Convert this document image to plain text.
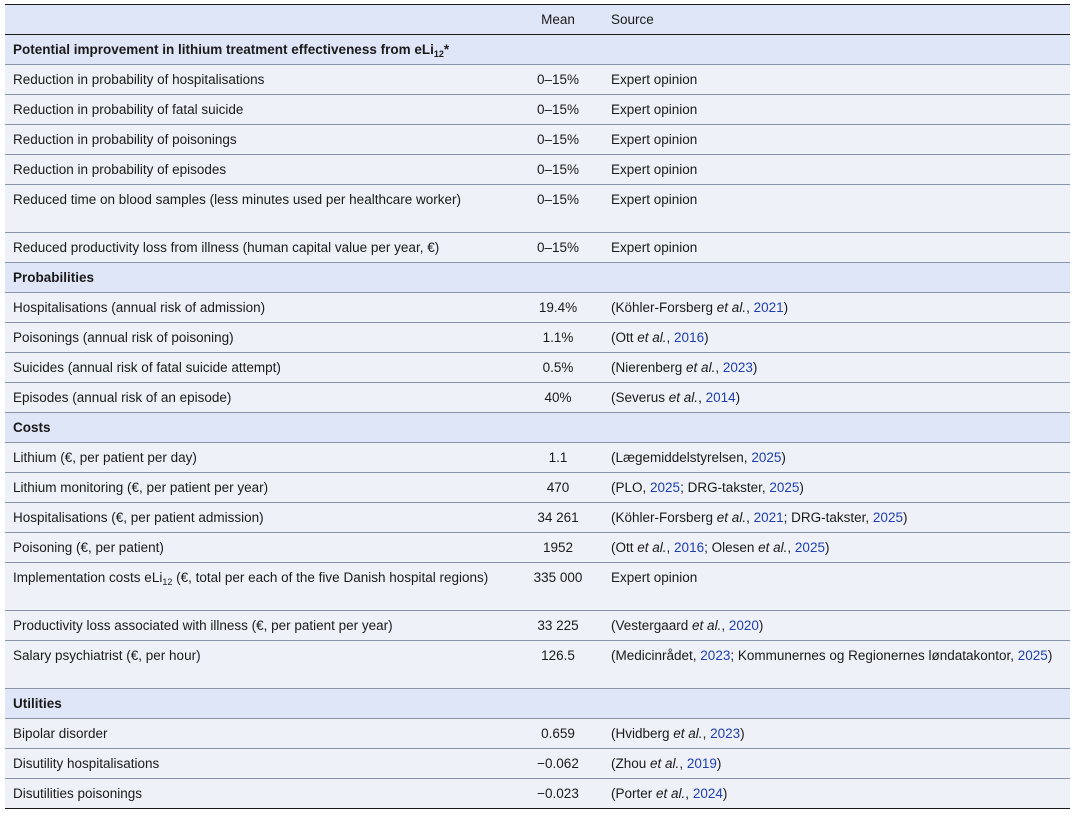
	Mean	Source
Potential improvement in lithium treatment effectiveness from eLi$_{12}$*		
Reduction in probability of hospitalisations	0–15%	Expert opinion
Reduction in probability of fatal suicide	0–15%	Expert opinion
Reduction in probability of poisonings	0–15%	Expert opinion
Reduction in probability of episodes	0–15%	Expert opinion
Reduced time on blood samples (less minutes used per healthcare worker)	0–15%	Expert opinion
Reduced productivity loss from illness (human capital value per year, €)	0–15%	Expert opinion
Probabilities		
Hospitalisations (annual risk of admission)	19.4%	(Köhler-Forsberg et al., 2021)
Poisonings (annual risk of poisoning)	1.1%	(Ott et al., 2016)
Suicides (annual risk of fatal suicide attempt)	0.5%	(Nierenberg et al., 2023)
Episodes (annual risk of an episode)	40%	(Severus et al., 2014)
Costs		
Lithium (€, per patient per day)	1.1	(Lægemiddelstyrelsen, 2025)
Lithium monitoring (€, per patient per year)	470	(PLO, 2025; DRG-takster, 2025)
Hospitalisations (€, per patient admission)	34 261	(Köhler-Forsberg et al., 2021; DRG-takster, 2025)
Poisoning (€, per patient)	1952	(Ott et al., 2016; Olesen et al., 2025)
Implementation costs eLi$_{12}$ (€, total per each of the five Danish hospital regions)	335 000	Expert opinion
Productivity loss associated with illness (€, per patient per year)	33 225	(Vestergaard et al., 2020)
Salary psychiatrist (€, per hour)	126.5	(Medicinrådet, 2023; Kommunernes og Regionernes løndatakontor, 2025)
Utilities		
Bipolar disorder	0.659	(Hvidberg et al., 2023)
Disutility hospitalisations	−0.062	(Zhou et al., 2019)
Disutilities poisonings	−0.023	(Porter et al., 2024)
